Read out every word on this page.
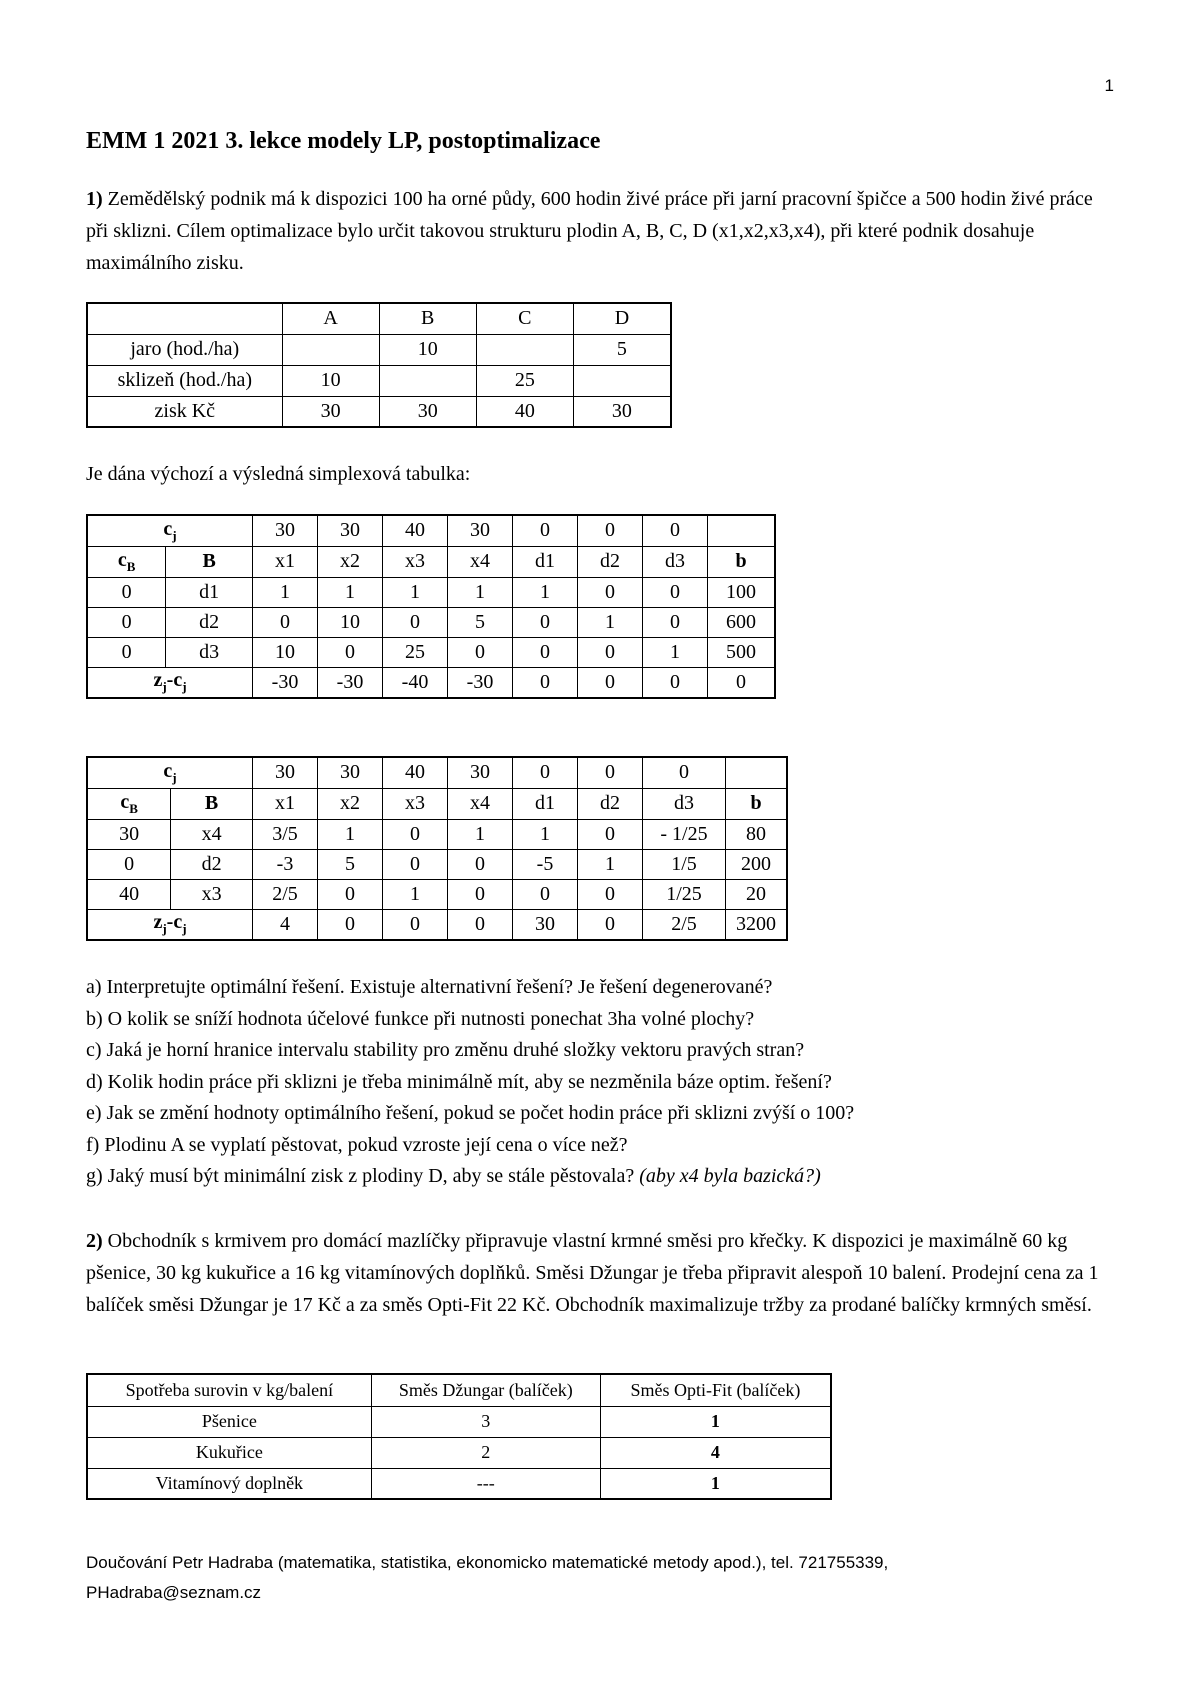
1
EMM 1 2021 3. lekce modely LP, postoptimalizace
1) Zemědělský podnik má k dispozici 100 ha orné půdy, 600 hodin živé práce při jarní pracovní špičce a 500 hodin živé práce při sklizni. Cílem optimalizace bylo určit takovou strukturu plodin A, B, C, D (x1,x2,x3,x4), při které podnik dosahuje maximálního zisku.
	A	B	C	D
jaro (hod./ha)		10		5
sklizeň (hod./ha)	10		25	
zisk Kč	30	30	40	30
Je dána výchozí a výsledná simplexová tabulka:
$c_j$		30	30	40	30	0	0	0	
$c_B$	B	x1	x2	x3	x4	d1	d2	d3	b
0	d1	1	1	1	1	1	0	0	100
0	d2	0	10	0	5	0	1	0	600
0	d3	10	0	25	0	0	0	1	500
$z_j-c_j$		-30	-30	-40	-30	0	0	0	0
$c_j$		30	30	40	30	0	0	0	
$c_B$	B	x1	x2	x3	x4	d1	d2	d3	b
30	x4	3/5	1	0	1	1	0	- 1/25	80
0	d2	-3	5	0	0	-5	1	1/5	200
40	x3	2/5	0	1	0	0	0	1/25	20
$z_j-c_j$		4	0	0	0	30	0	2/5	3200
a) Interpretujte optimální řešení. Existuje alternativní řešení? Je řešení degenerované?
b) O kolik se sníží hodnota účelové funkce při nutnosti ponechat 3ha volné plochy?
c) Jaká je horní hranice intervalu stability pro změnu druhé složky vektoru pravých stran?
d) Kolik hodin práce při sklizni je třeba minimálně mít, aby se nezměnila báze optim. řešení?
e) Jak se změní hodnoty optimálního řešení, pokud se počet hodin práce při sklizni zvýší o 100?
f) Plodinu A se vyplatí pěstovat, pokud vzroste její cena o více než?
g) Jaký musí být minimální zisk z plodiny D, aby se stále pěstovala? (aby x4 byla bazická?)
2) Obchodník s krmivem pro domácí mazlíčky připravuje vlastní krmné směsi pro křečky. K dispozici je maximálně 60 kg pšenice, 30 kg kukuřice a 16 kg vitamínových doplňků. Směsi Džungar je třeba připravit alespoň 10 balení. Prodejní cena za 1 balíček směsi Džungar je 17 Kč a za směs Opti-Fit 22 Kč. Obchodník maximalizuje tržby za prodané balíčky krmných směsí.
Spotřeba surovin v kg/balení	Směs Džungar (balíček)	Směs Opti-Fit (balíček)
Pšenice	3	1
Kukuřice	2	4
Vitamínový doplněk	---	1
Doučování Petr Hadraba (matematika, statistika, ekonomicko matematické metody apod.), tel. 721755339,
PHadraba@seznam.cz
